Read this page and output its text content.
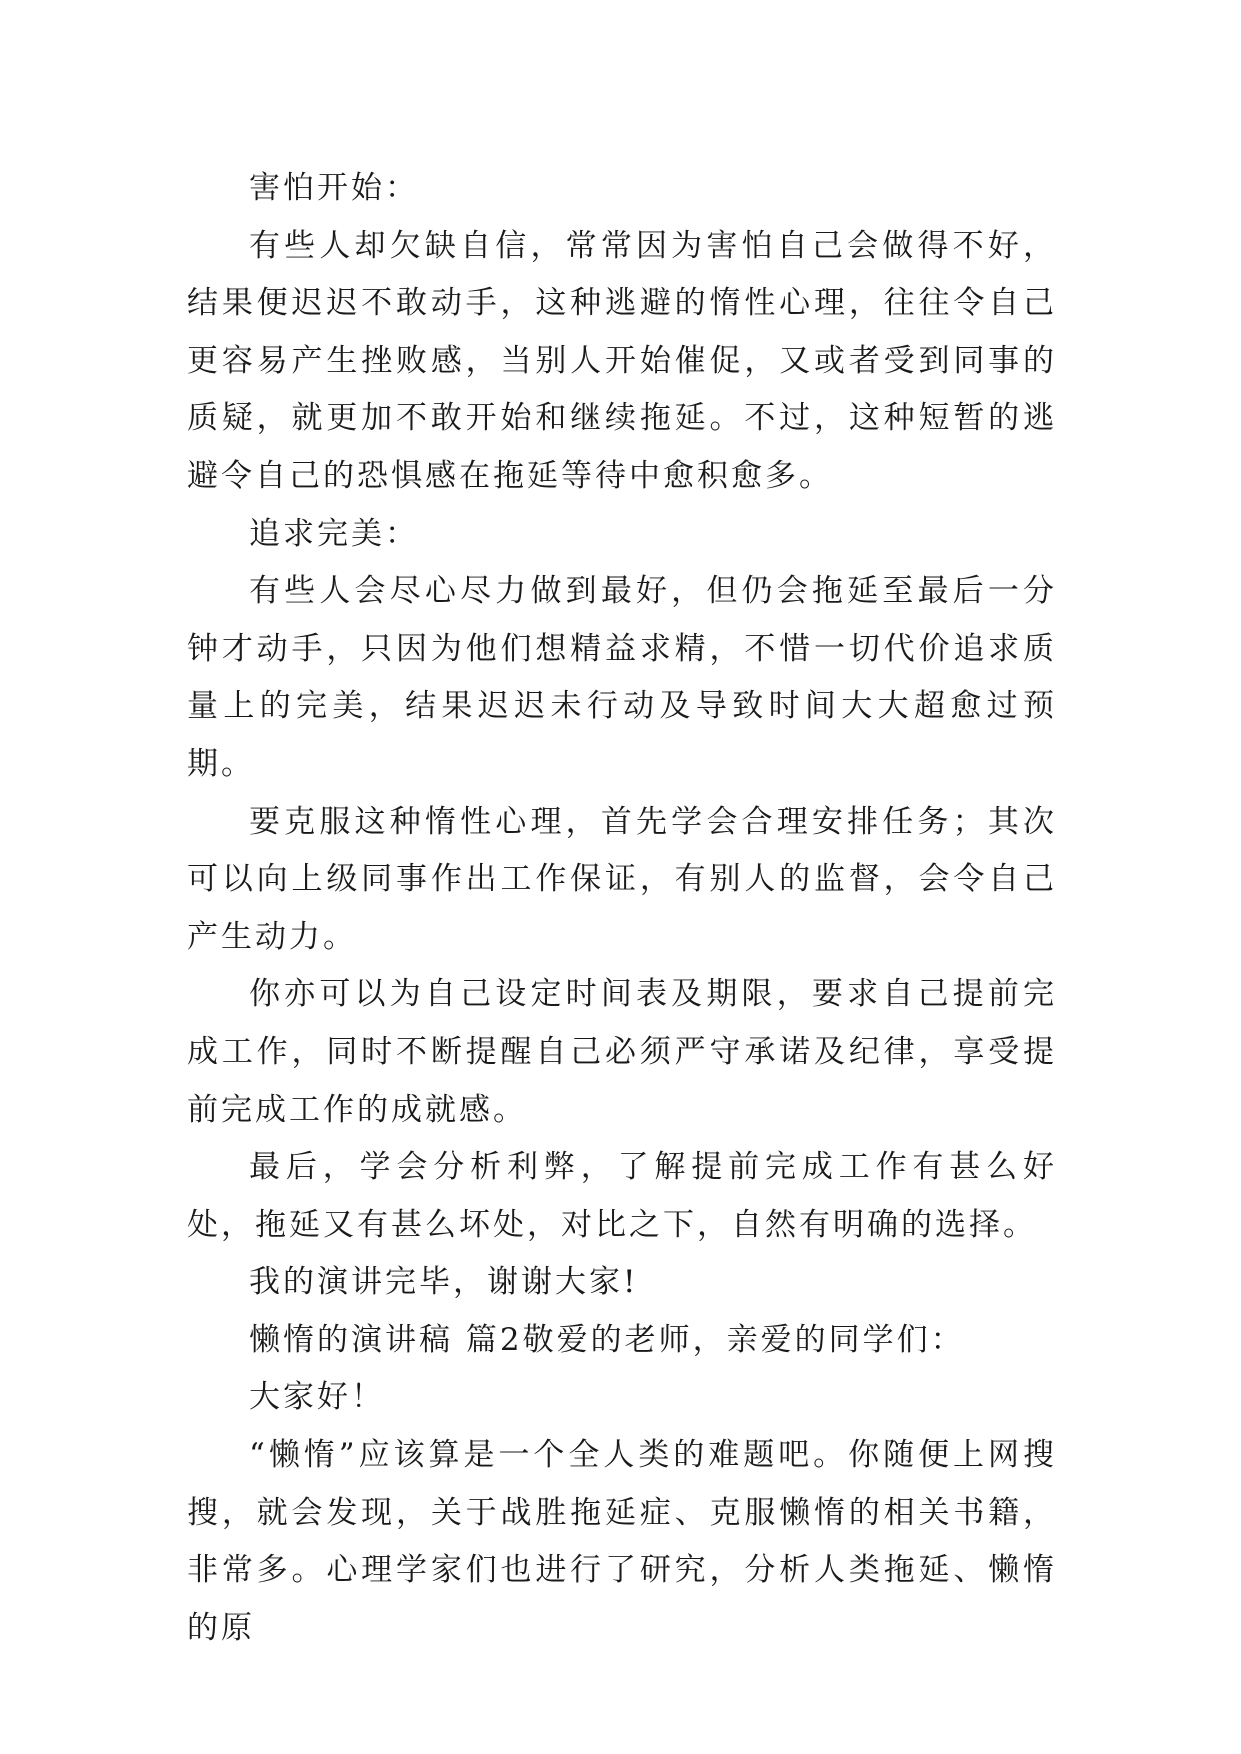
害怕开始：

有些人却欠缺自信，常常因为害怕自己会做得不好，结果便迟迟不敢动手，这种逃避的惰性心理，往往令自己更容易产生挫败感，当别人开始催促，又或者受到同事的质疑，就更加不敢开始和继续拖延。不过，这种短暂的逃避令自己的恐惧感在拖延等待中愈积愈多。

追求完美：

有些人会尽心尽力做到最好，但仍会拖延至最后一分钟才动手，只因为他们想精益求精，不惜一切代价追求质量上的完美，结果迟迟未行动及导致时间大大超愈过预期。

要克服这种惰性心理，首先学会合理安排任务；其次可以向上级同事作出工作保证，有别人的监督，会令自己产生动力。

你亦可以为自己设定时间表及期限，要求自己提前完成工作，同时不断提醒自己必须严守承诺及纪律，享受提前完成工作的成就感。

最后，学会分析利弊，了解提前完成工作有甚么好处，拖延又有甚么坏处，对比之下，自然有明确的选择。

我的演讲完毕，谢谢大家!

懒惰的演讲稿 篇2敬爱的老师，亲爱的同学们：

大家好！

“懒惰”应该算是一个全人类的难题吧。你随便上网搜搜，就会发现，关于战胜拖延症、克服懒惰的相关书籍，非常多。心理学家们也进行了研究，分析人类拖延、懒惰的原
